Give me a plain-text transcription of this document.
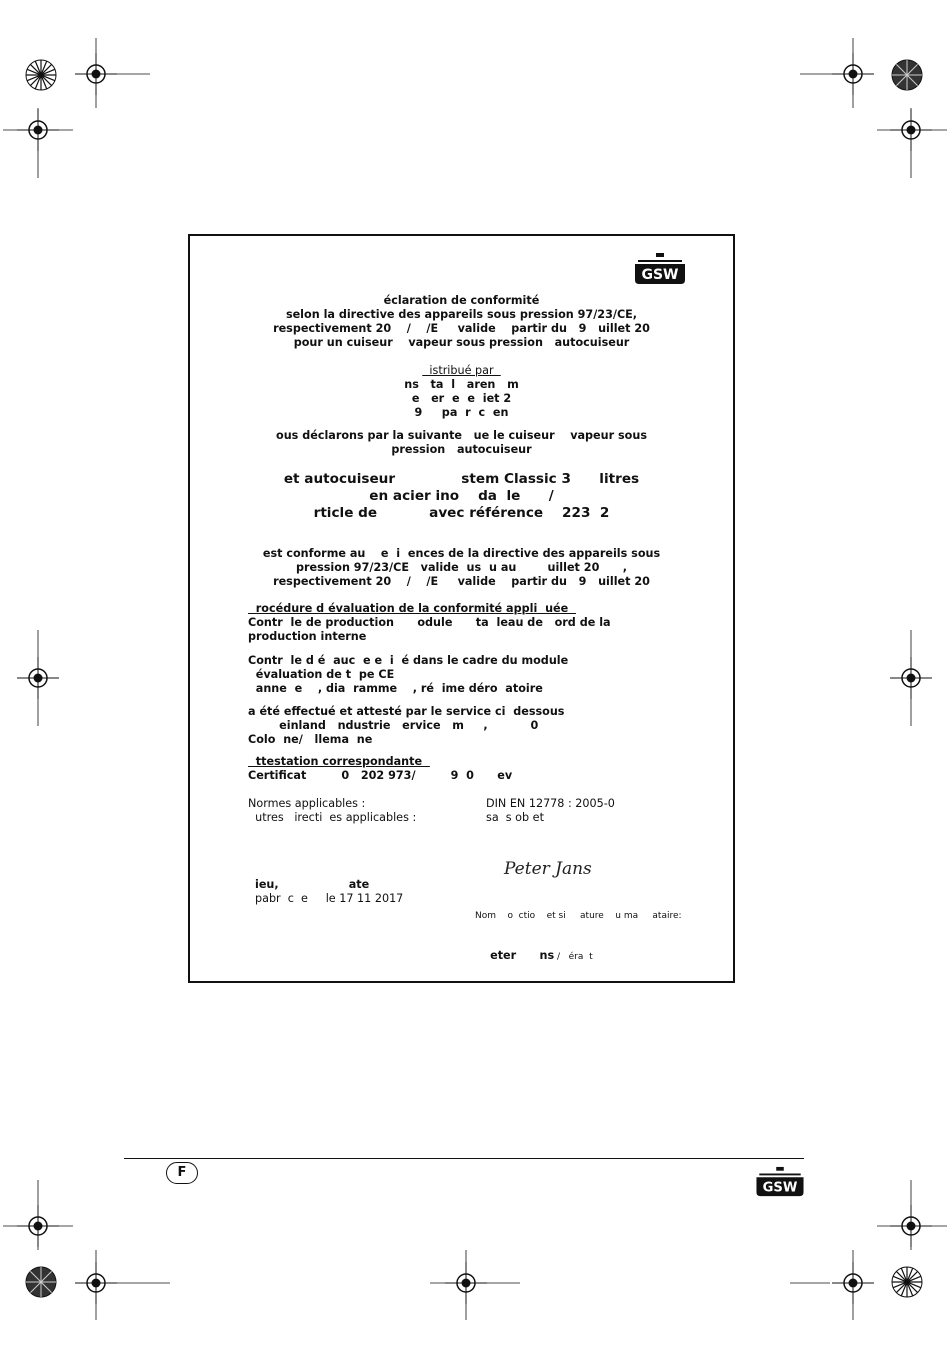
GSW
éclaration de conformité
selon la directive des appareils sous pression 97/23/CE,
respectivement 20    /    /E     valide    partir du   9   uillet 20
pour un cuiseur    vapeur sous pression   autocuiseur
istribué par
ns   ta  l   aren   m
e   er  e  e  iet 2
9     pa  r  c  en
ous déclarons par la suivante   ue le cuiseur    vapeur sous
pression   autocuiseur
et autocuiseur              stem Classic 3      litres
en acier ino    da  le      /
rticle de           avec référence    223  2
est conforme au    e  i  ences de la directive des appareils sous
pression 97/23/CE   valide  us  u au        uillet 20      ,
respectivement 20    /    /E     valide    partir du   9   uillet 20
rocédure d évaluation de la conformité appli  uée
Contr  le de production      odule      ta  leau de   ord de la
production interne
Contr  le d é  auc  e e  i  é dans le cadre du module
évaluation de t  pe CE
anne  e    , dia  ramme    , ré  ime déro  atoire
a été effectué et attesté par le service ci  dessous
einland   ndustrie   ervice   m     ,           0
Colo  ne/   llema  ne
ttestation correspondante
Certificat         0   202 973/         9  0      ev
Normes applicables :	DIN EN 12778 : 2005-0
utres   irecti  es applicables :	sa  s ob et
Peter Jans
ieu,                  ate
pabr  c  e     le 17 11 2017
Nom    o  ctio    et si     ature    u ma     ataire:

eter      ns /   éra  t

F
GSW
